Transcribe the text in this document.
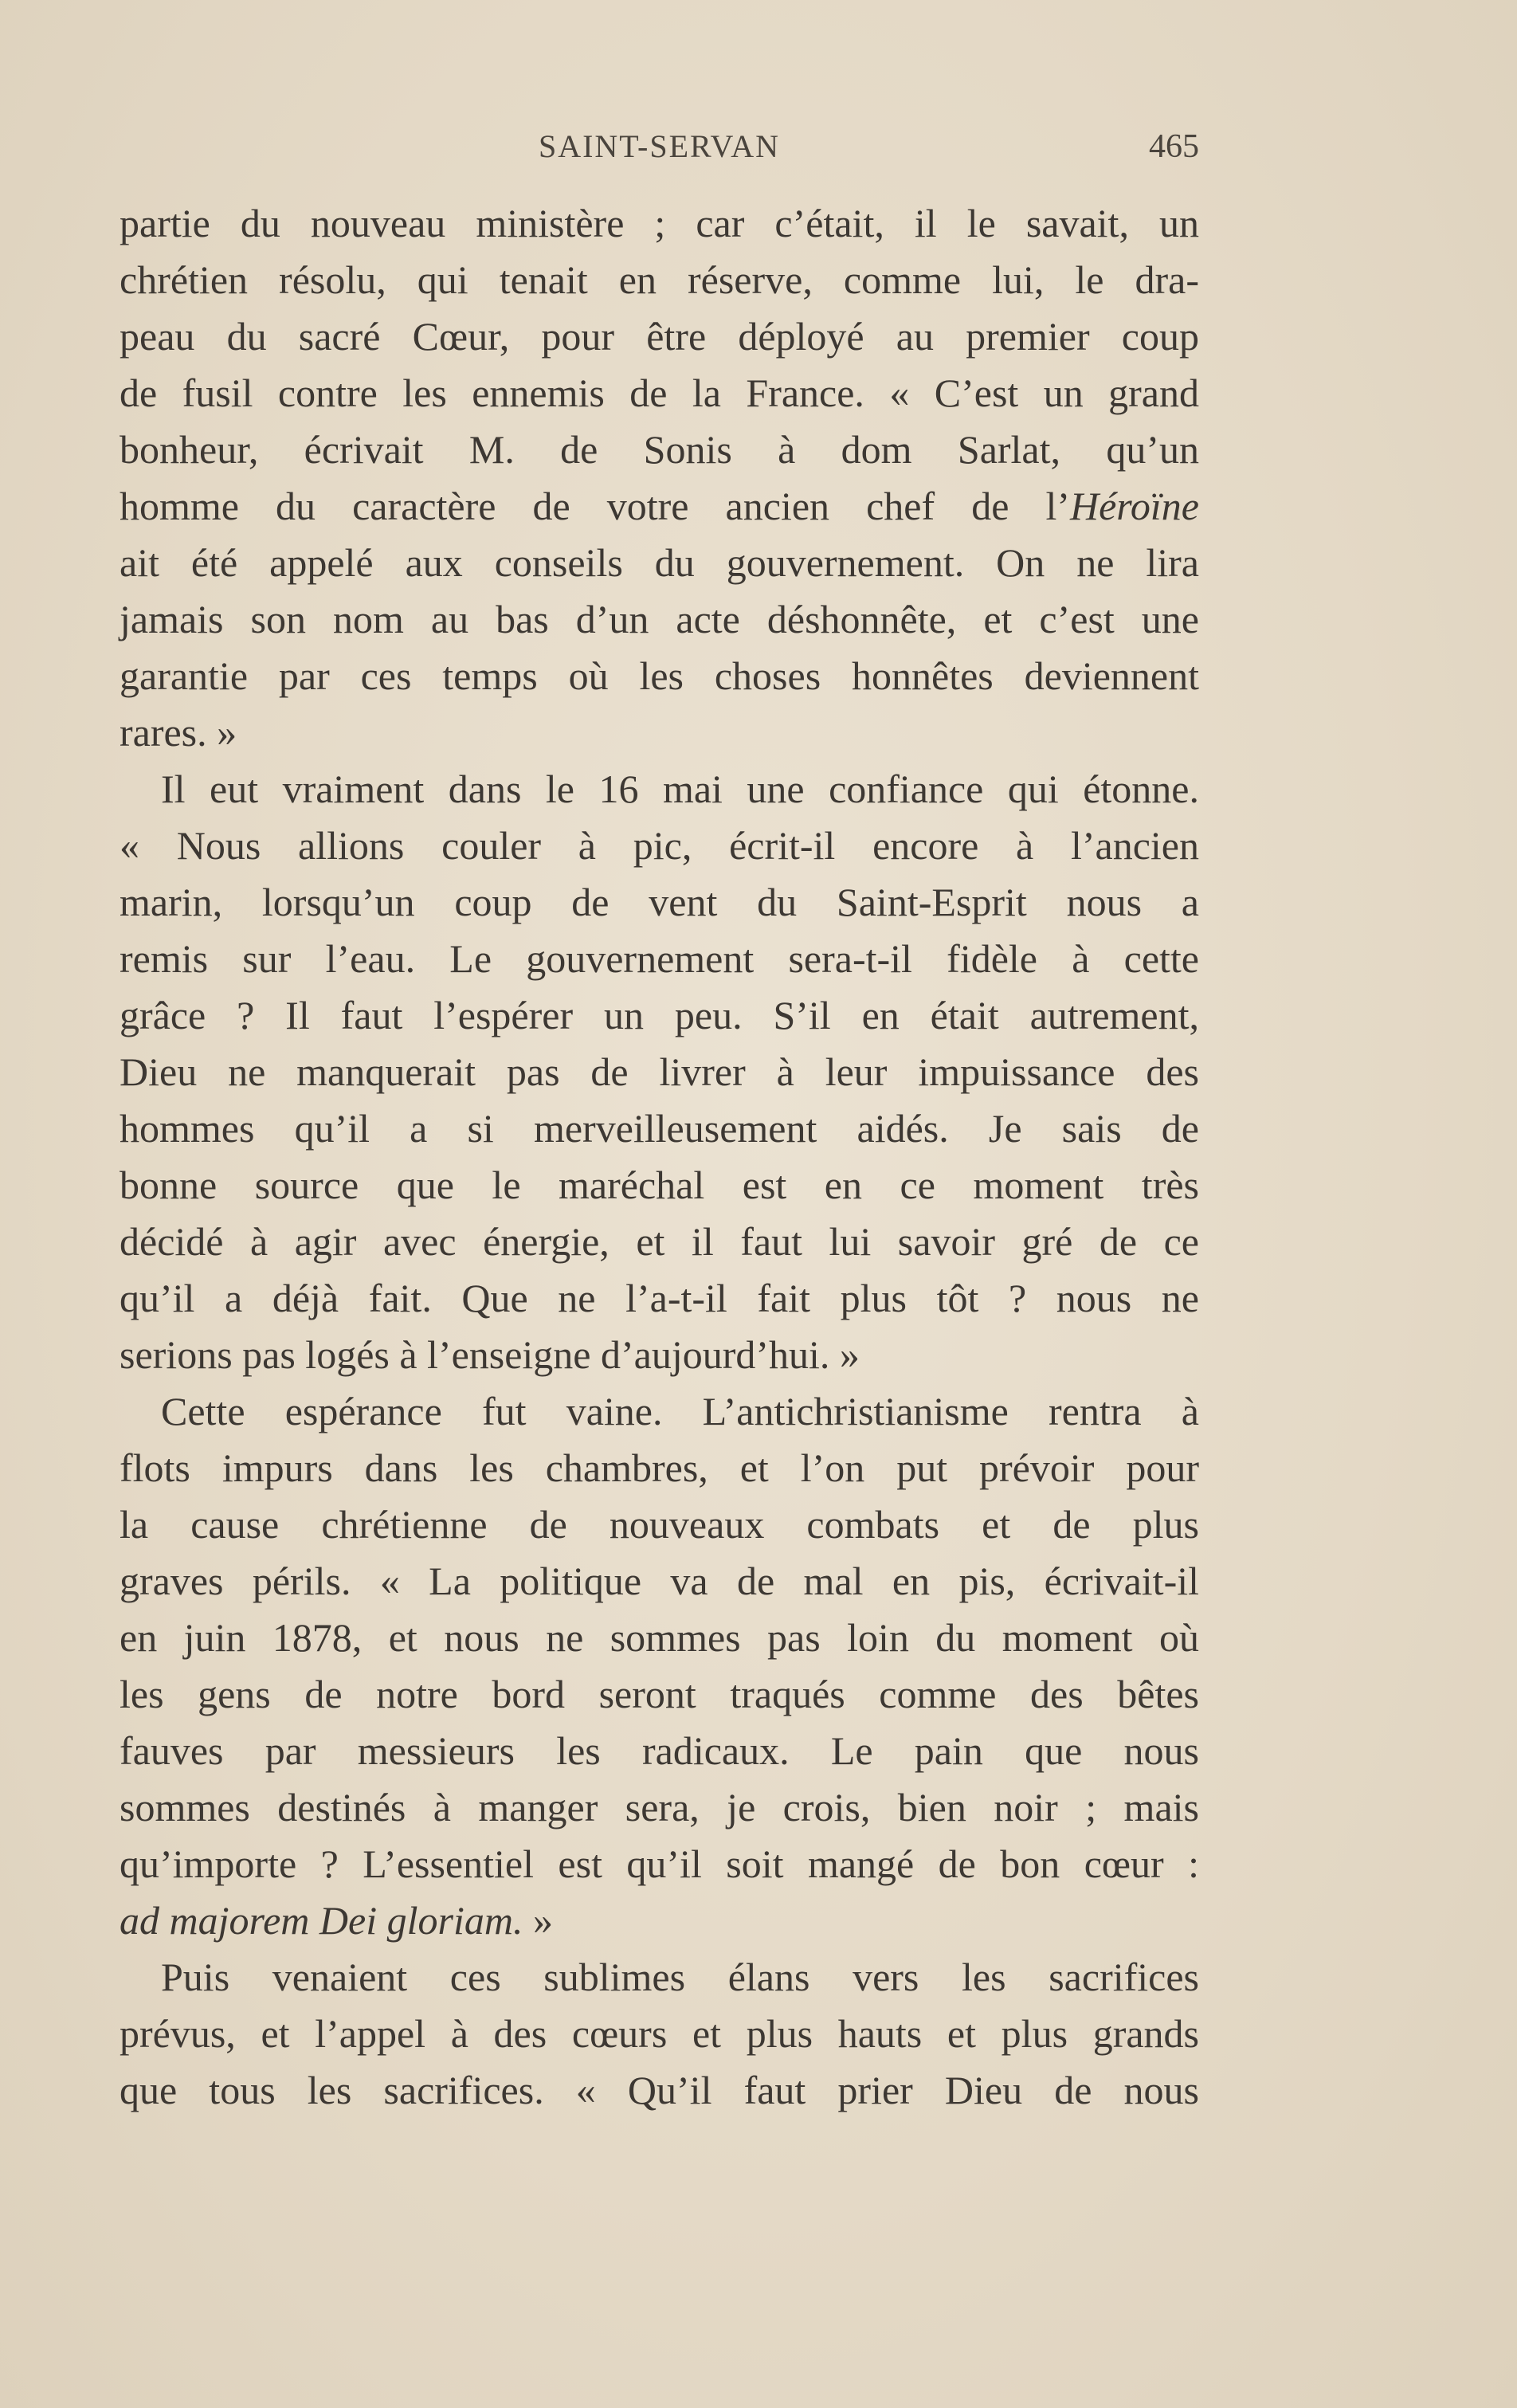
SAINT-SERVAN	465
partie du nouveau ministère ; car c’était, il le savait, un
chrétien résolu, qui tenait en réserve, comme lui, le dra-
peau du sacré Cœur, pour être déployé au premier coup
de fusil contre les ennemis de la France. « C’est un grand
bonheur, écrivait M. de Sonis à dom Sarlat, qu’un
homme du caractère de votre ancien chef de l’Héroïne
ait été appelé aux conseils du gouvernement. On ne lira
jamais son nom au bas d’un acte déshonnête, et c’est une
garantie par ces temps où les choses honnêtes deviennent
rares. »
Il eut vraiment dans le 16 mai une confiance qui étonne.
« Nous allions couler à pic, écrit-il encore à l’ancien
marin, lorsqu’un coup de vent du Saint-Esprit nous a
remis sur l’eau. Le gouvernement sera-t-il fidèle à cette
grâce ? Il faut l’espérer un peu. S’il en était autrement,
Dieu ne manquerait pas de livrer à leur impuissance des
hommes qu’il a si merveilleusement aidés. Je sais de
bonne source que le maréchal est en ce moment très
décidé à agir avec énergie, et il faut lui savoir gré de ce
qu’il a déjà fait. Que ne l’a-t-il fait plus tôt ? nous ne
serions pas logés à l’enseigne d’aujourd’hui. »
Cette espérance fut vaine. L’antichristianisme rentra à
flots impurs dans les chambres, et l’on put prévoir pour
la cause chrétienne de nouveaux combats et de plus
graves périls. « La politique va de mal en pis, écrivait-il
en juin 1878, et nous ne sommes pas loin du moment où
les gens de notre bord seront traqués comme des bêtes
fauves par messieurs les radicaux. Le pain que nous
sommes destinés à manger sera, je crois, bien noir ; mais
qu’importe ? L’essentiel est qu’il soit mangé de bon cœur :
ad majorem Dei gloriam. »
Puis venaient ces sublimes élans vers les sacrifices
prévus, et l’appel à des cœurs et plus hauts et plus grands
que tous les sacrifices. « Qu’il faut prier Dieu de nous
